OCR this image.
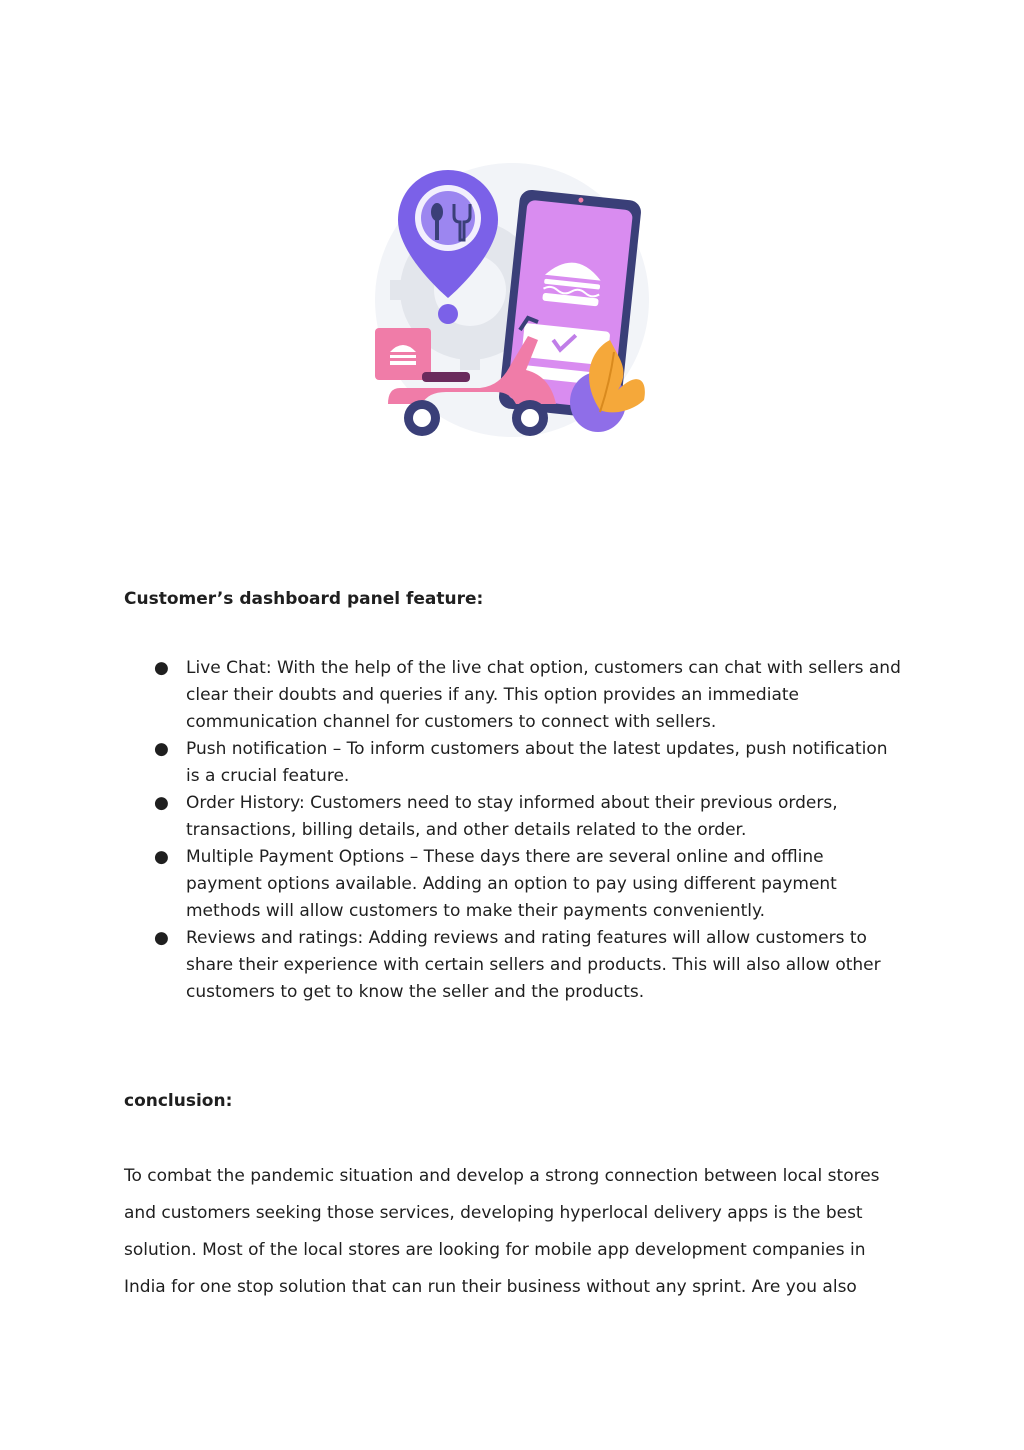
Customer’s dashboard panel feature:
● Live Chat: With the help of the live chat option, customers can chat with sellers and clear their doubts and queries if any. This option provides an immediate communication channel for customers to connect with sellers.
● Push notification – To inform customers about the latest updates, push notification is a crucial feature.
● Order History: Customers need to stay informed about their previous orders, transactions, billing details, and other details related to the order.
● Multiple Payment Options – These days there are several online and offline payment options available. Adding an option to pay using different payment methods will allow customers to make their payments conveniently.
● Reviews and ratings: Adding reviews and rating features will allow customers to share their experience with certain sellers and products. This will also allow other customers to get to know the seller and the products.
conclusion:

To combat the pandemic situation and develop a strong connection between local stores and customers seeking those services, developing hyperlocal delivery apps is the best solution. Most of the local stores are looking for mobile app development companies in India for one stop solution that can run their business without any sprint. Are you also
